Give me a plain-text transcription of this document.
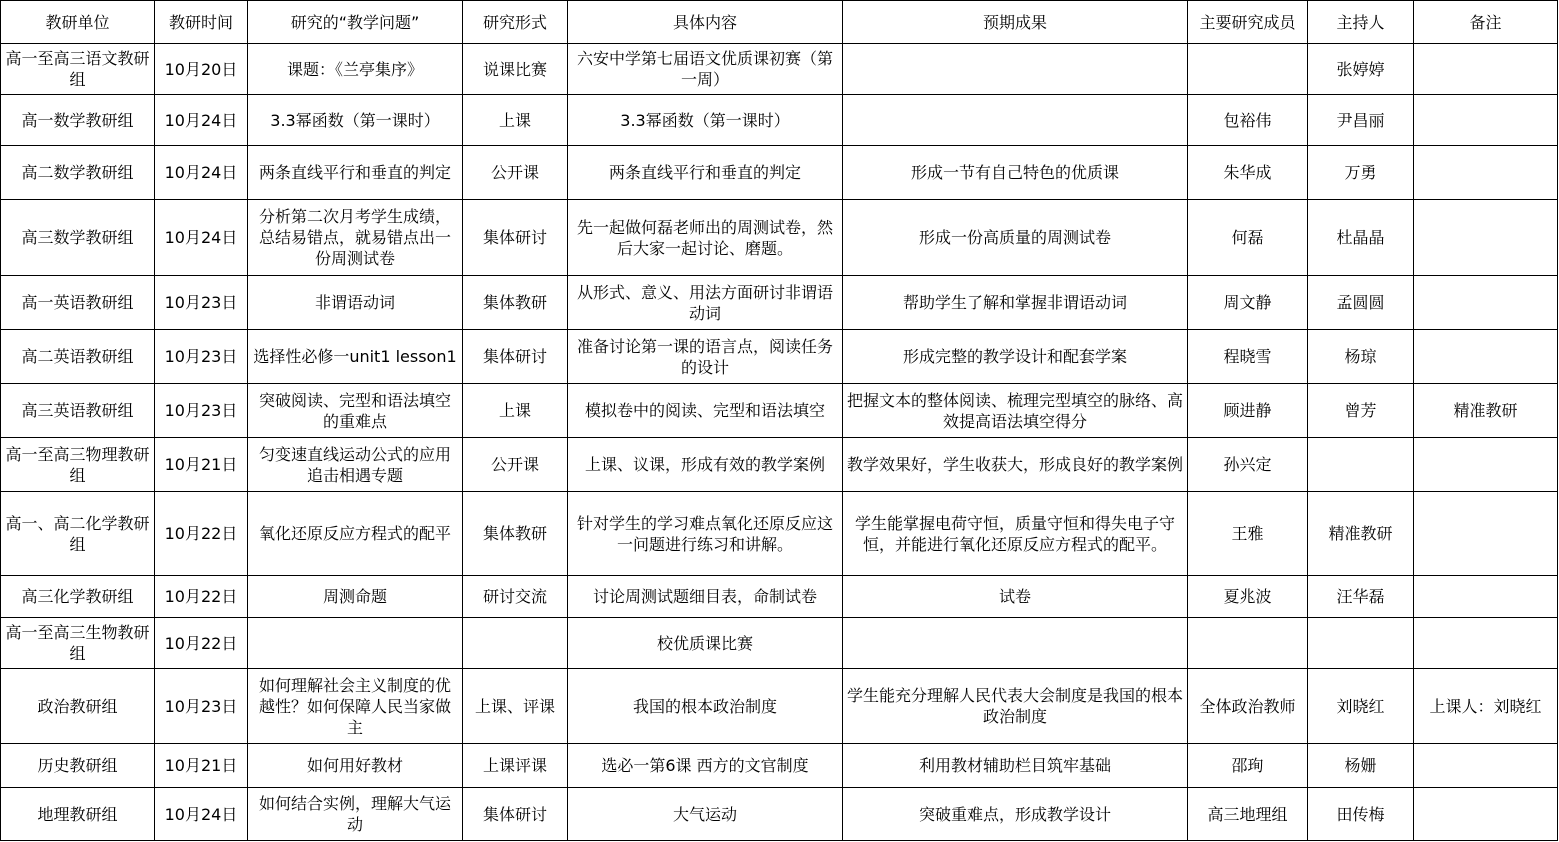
教研单位	教研时间	研究的“教学问题”	研究形式	具体内容	预期成果	主要研究成员	主持人	备注
高一至高三语文教研组	10月20日	课题：《兰亭集序》	说课比赛	六安中学第七届语文优质课初赛（第一周）			张婷婷	
高一数学教研组	10月24日	3.3幂函数（第一课时）	上课	3.3幂函数（第一课时）		包裕伟	尹昌丽	
高二数学教研组	10月24日	两条直线平行和垂直的判定	公开课	两条直线平行和垂直的判定	形成一节有自己特色的优质课	朱华成	万勇	
高三数学教研组	10月24日	分析第二次月考学生成绩，总结易错点，就易错点出一份周测试卷	集体研讨	先一起做何磊老师出的周测试卷，然后大家一起讨论、磨题。	形成一份高质量的周测试卷	何磊	杜晶晶	
高一英语教研组	10月23日	非谓语动词	集体教研	从形式、意义、用法方面研讨非谓语动词	帮助学生了解和掌握非谓语动词	周文静	孟圆圆	
高二英语教研组	10月23日	选择性必修一unit1 lesson1	集体研讨	准备讨论第一课的语言点，阅读任务的设计	形成完整的教学设计和配套学案	程晓雪	杨琼	
高三英语教研组	10月23日	突破阅读、完型和语法填空的重难点	上课	模拟卷中的阅读、完型和语法填空	把握文本的整体阅读、梳理完型填空的脉络、高效提高语法填空得分	顾进静	曾芳	精准教研
高一至高三物理教研组	10月21日	匀变速直线运动公式的应用　追击相遇专题	公开课	上课、议课，形成有效的教学案例	教学效果好，学生收获大，形成良好的教学案例	孙兴定		
高一、高二化学教研组	10月22日	氧化还原反应方程式的配平	集体教研	针对学生的学习难点氧化还原反应这一问题进行练习和讲解。	学生能掌握电荷守恒，质量守恒和得失电子守恒，并能进行氧化还原反应方程式的配平。	王雅	精准教研	
高三化学教研组	10月22日	周测命题	研讨交流	讨论周测试题细目表，命制试卷	试卷	夏兆波	汪华磊	
高一至高三生物教研组	10月22日			校优质课比赛				
政治教研组	10月23日	如何理解社会主义制度的优越性？如何保障人民当家做主	上课、评课	我国的根本政治制度	学生能充分理解人民代表大会制度是我国的根本政治制度	全体政治教师	刘晓红	上课人：刘晓红
历史教研组	10月21日	如何用好教材	上课评课	选必一第6课 西方的文官制度	利用教材辅助栏目筑牢基础	邵珣	杨姗	
地理教研组	10月24日	如何结合实例，理解大气运动	集体研讨	大气运动	突破重难点，形成教学设计	高三地理组	田传梅	
